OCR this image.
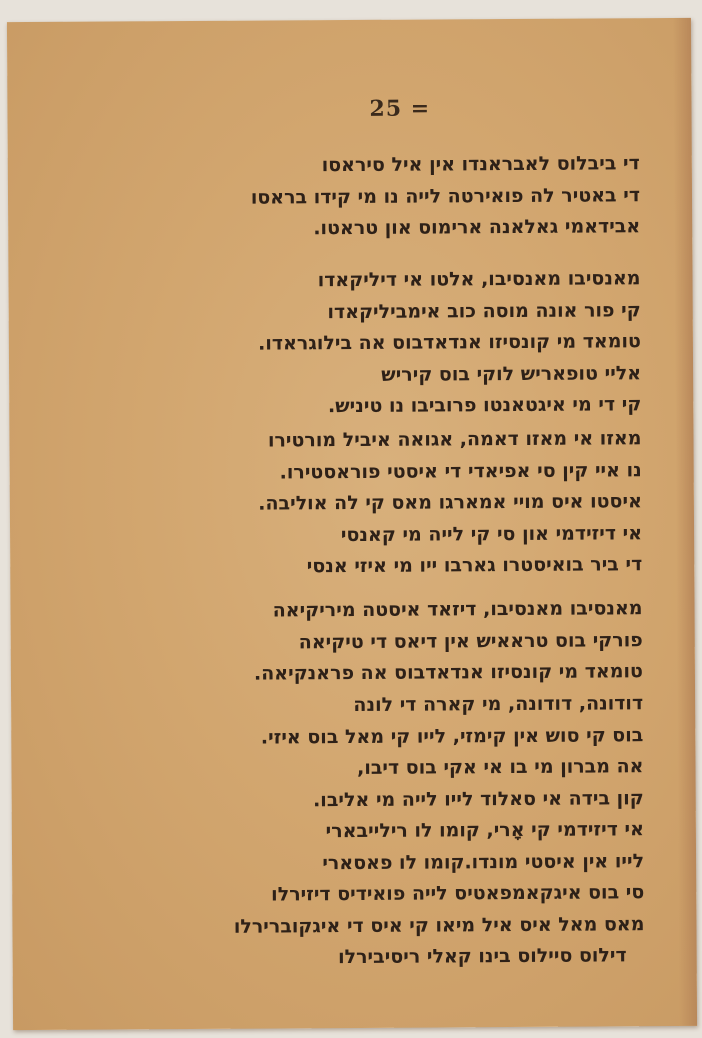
25 =
די ביבלוס לאבראנדו אין איל סיראסו
די באטיר לה פואירטה לייה נו מי קידו בראסו
אבידאמי גאלאנה ארימוס און טראטו.
מאנסיבו מאנסיבו, אלטו אי דיליקאדו
קי פור אונה מוסה כוב אימביליקאדו
טומאד מי קונסיזו אנדאדבוס אה בילוגראדו.
אליי טופאריש לוקי בוס קיריש
קי די מי איגטאנטו פרוביבו נו טיניש.
מאזו אי מאזו דאמה, אגואה איביל מורטירו
נו איי קין סי אפיאדי די איסטי פוראסטירו.
איסטו איס מויי אמארגו מאס קי לה אוליבה.
אי דיזידמי און סי קי לייה מי קאנסי
די ביר בואיסטרו גארבו ייו מי איזי אנסי
מאנסיבו מאנסיבו, דיזאד איסטה מיריקיאה
פורקי בוס טראאיש אין דיאס די טיקיאה
טומאד מי קונסיזו אנדאדבוס אה פראנקיאה.
דודונה, דודונה, מי קארה די לונה
בוס קי סוש אין קימזי, לייו קי מאל בוס איזי.
אה מברון מי בו אי אקי בוס דיבו,
קון בידה אי סאלוד לייו לייה מי אליבו.
אי דיזידמי קי אָרי, קומו לו רילייבארי
לייו אין איסטי מונדו.קומו לו פאסארי
סי בוס איגקאמפאטיס לייה פואידיס דיזירלו
מאס מאל איס איל מיאו קי איס די איגקוברירלו
דילוס סיילוס בינו קאלי ריסיבירלו
